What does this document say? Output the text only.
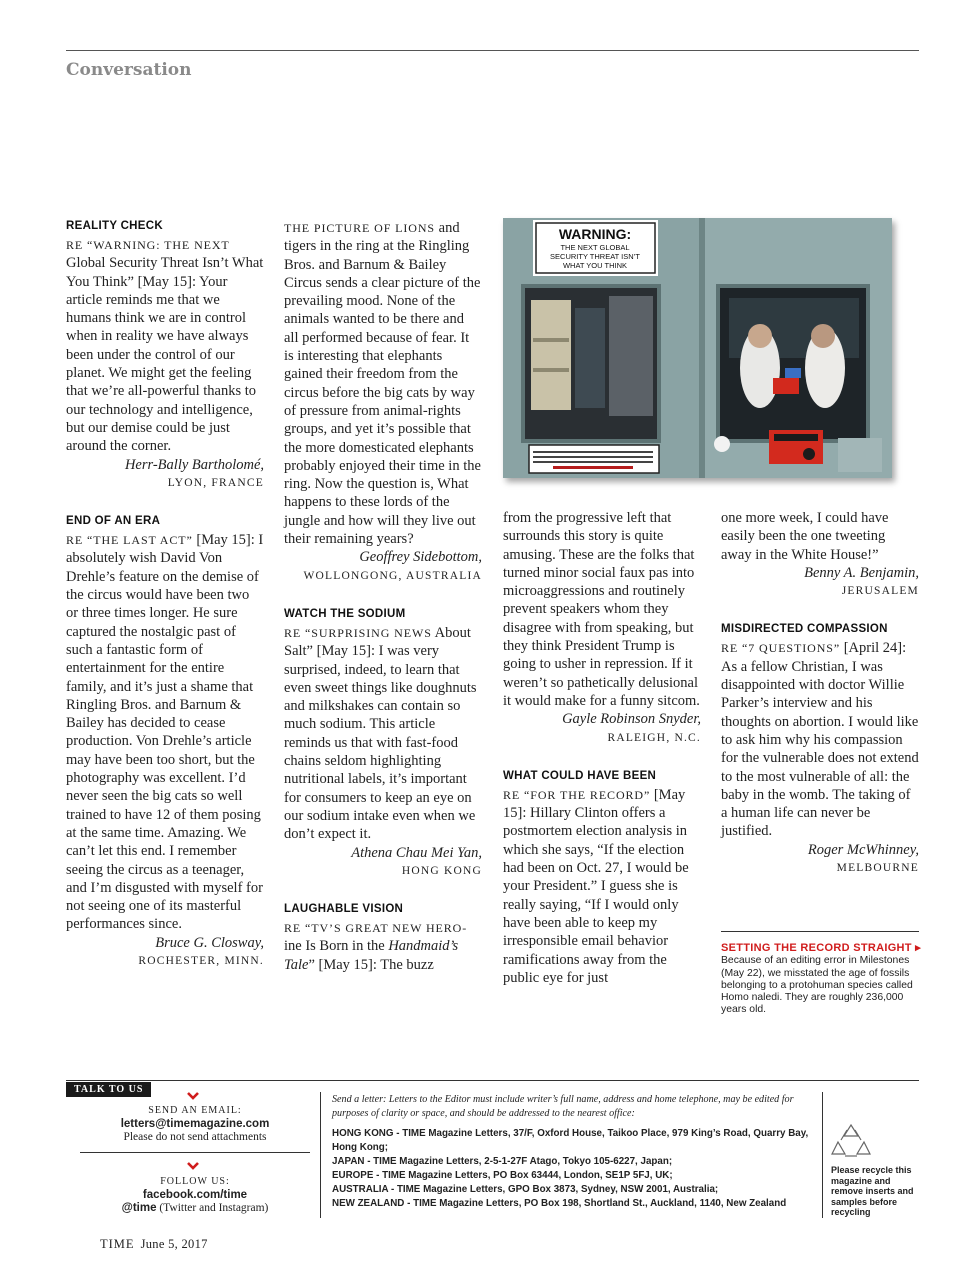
Conversation
REALITY CHECK

RE “WARNING: THE NEXT Global Security Threat Isn’t What You Think” [May 15]: Your article reminds me that we humans think we are in control when in reality we have always been under the control of our planet. We might get the feeling that we’re all-powerful thanks to our technology and intelligence, but our demise could be just around the corner.

Herr-Bally Bartholomé,
LYON, FRANCE
END OF AN ERA

RE “THE LAST ACT” [May 15]: I absolutely wish David Von Drehle’s feature on the demise of the circus would have been two or three times longer. He sure captured the nostalgic past of such a fantastic form of entertainment for the entire family, and it’s just a shame that Ringling Bros. and Barnum & Bailey has decided to cease production. Von Drehle’s article may have been too short, but the photography was excellent. I’d never seen the big cats so well trained to have 12 of them posing at the same time. Amazing. We can’t let this end. I remember seeing the circus as a teenager, and I’m disgusted with myself for not seeing one of its masterful performances since.

Bruce G. Closway,
ROCHESTER, MINN.

THE PICTURE OF LIONS and tigers in the ring at the Ringling Bros. and Barnum & Bailey Circus sends a clear picture of the prevailing mood. None of the animals wanted to be there and all performed because of fear. It is interesting that elephants gained their freedom from the circus before the big cats by way of pressure from animal-rights groups, and yet it’s possible that the more domesticated elephants probably enjoyed their time in the ring. Now the question is, What happens to these lords of the jungle and how will they live out their remaining years?

Geoffrey Sidebottom,
WOLLONGONG, AUSTRALIA
WATCH THE SODIUM

RE “SURPRISING NEWS About Salt” [May 15]: I was very surprised, indeed, to learn that even sweet things like doughnuts and milkshakes can contain so much sodium. This article reminds us that with fast-food chains seldom highlighting nutritional labels, it’s important for consumers to keep an eye on our sodium intake even when we don’t expect it.

Athena Chau Mei Yan,
HONG KONG
LAUGHABLE VISION

RE “TV’S GREAT NEW HERO- ine Is Born in the Handmaid’s Tale” [May 15]: The buzz

WARNING:
THE NEXT GLOBAL
SECURITY THREAT ISN’T
WHAT YOU THINK

from the progressive left that surrounds this story is quite amusing. These are the folks that turned minor social faux pas into microaggressions and routinely prevent speakers whom they disagree with from speaking, but they think President Trump is going to usher in repression. If it weren’t so pathetically delusional it would make for a funny sitcom.

Gayle Robinson Snyder,
RALEIGH, N.C.
WHAT COULD HAVE BEEN

RE “FOR THE RECORD” [May 15]: Hillary Clinton offers a postmortem election analysis in which she says, “If the election had been on Oct. 27, I would be your President.” I guess she is really saying, “If I would only have been able to keep my irresponsible email behavior ramifications away from the public eye for just

one more week, I could have easily been the one tweeting away in the White House!”

Benny A. Benjamin,
JERUSALEM
MISDIRECTED COMPASSION

RE “7 QUESTIONS” [April 24]: As a fellow Christian, I was disappointed with doctor Willie Parker’s interview and his thoughts on abortion. I would like to ask him why his compassion for the vulnerable does not extend to the most vulnerable of all: the baby in the womb. The taking of a human life can never be justified.

Roger McWhinney,
MELBOURNE
SETTING THE RECORD STRAIGHT ▸ Because of an editing error in Milestones (May 22), we misstated the age of fossils belonging to a protohuman species called Homo naledi. They are roughly 236,000 years old.
TALK TO US
SEND AN EMAIL:
letters@timemagazine.com
Please do not send attachments
FOLLOW US:
facebook.com/time
@time (Twitter and Instagram)
Send a letter: Letters to the Editor must include writer’s full name, address and home telephone, may be edited for purposes of clarity or space, and should be addressed to the nearest office:
HONG KONG - TIME Magazine Letters, 37/F, Oxford House, Taikoo Place, 979 King’s Road, Quarry Bay, Hong Kong;
JAPAN - TIME Magazine Letters, 2-5-1-27F Atago, Tokyo 105-6227, Japan;
EUROPE - TIME Magazine Letters, PO Box 63444, London, SE1P 5FJ, UK;
AUSTRALIA - TIME Magazine Letters, GPO Box 3873, Sydney, NSW 2001, Australia;
NEW ZEALAND - TIME Magazine Letters, PO Box 198, Shortland St., Auckland, 1140, New Zealand
Please recycle this magazine and remove inserts and samples before recycling
TIME June 5, 2017
